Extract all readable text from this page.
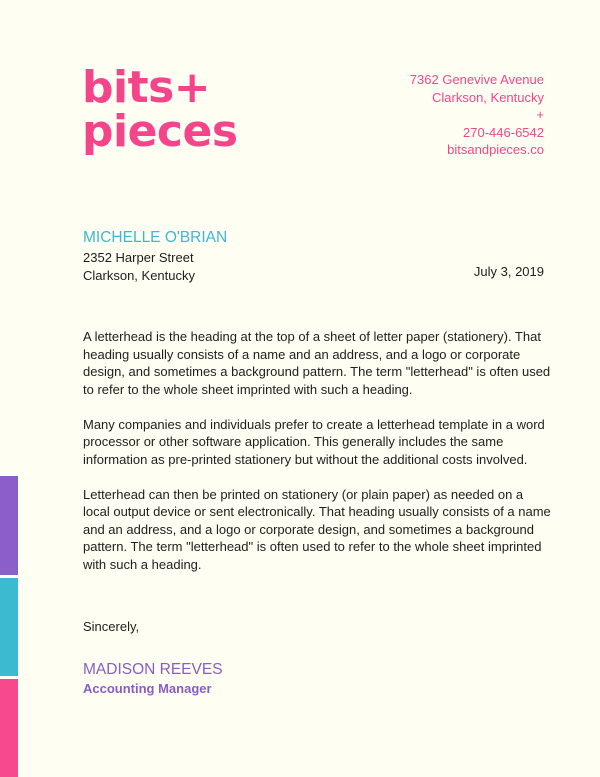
bits+
pieces
7362 Genevive Avenue
Clarkson, Kentucky
+
270-446-6542
bitsandpieces.co
MICHELLE O'BRIAN
2352 Harper Street
Clarkson, Kentucky	July 3, 2019

A letterhead is the heading at the top of a sheet of letter paper (stationery). That heading usually consists of a name and an address, and a logo or corporate design, and sometimes a background pattern. The term "letterhead" is often used to refer to the whole sheet imprinted with such a heading.

Many companies and individuals prefer to create a letterhead template in a word processor or other software application. This generally includes the same information as pre-printed stationery but without the additional costs involved.

Letterhead can then be printed on stationery (or plain paper) as needed on a local output device or sent electronically. That heading usually consists of a name and an address, and a logo or corporate design, and sometimes a background pattern. The term "letterhead" is often used to refer to the whole sheet imprinted with such a heading.

Sincerely,
MADISON REEVES
Accounting Manager
